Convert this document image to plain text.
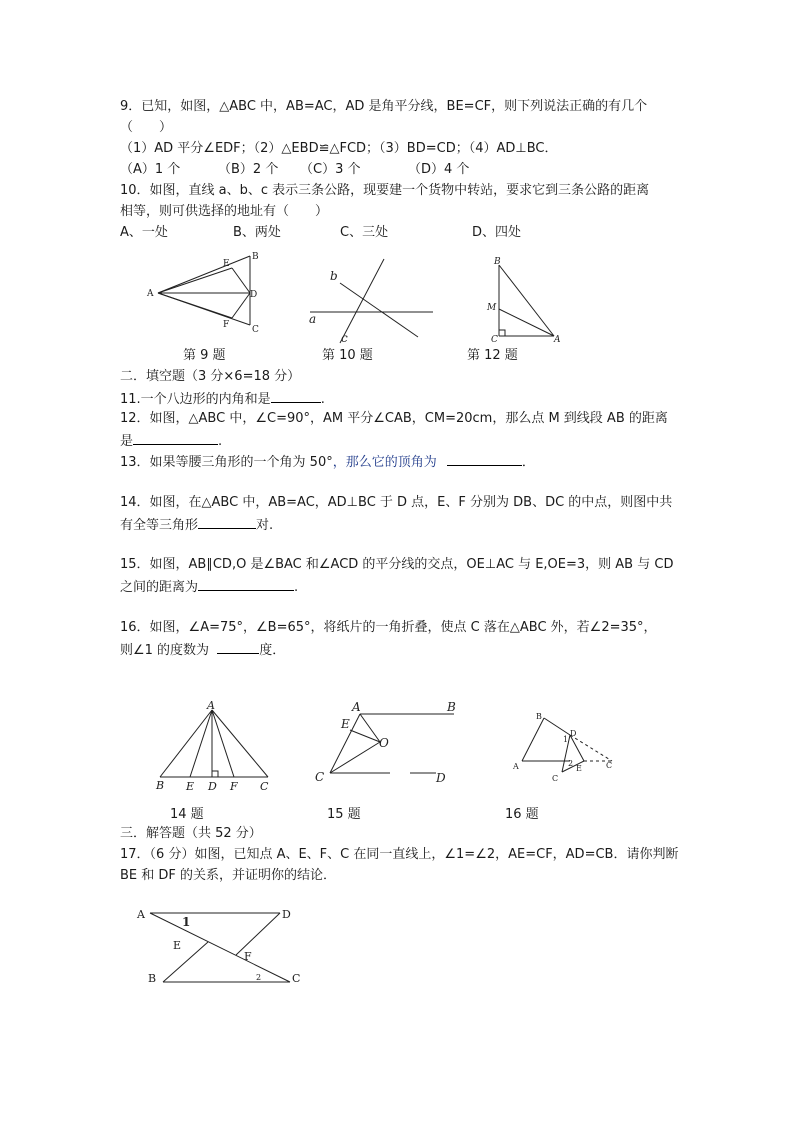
9．已知，如图，△ABC 中，AB=AC，AD 是角平分线，BE=CF，则下列说法正确的有几个
（　　）
（1）AD 平分∠EDF；（2）△EBD≌△FCD；（3）BD=CD；（4）AD⊥BC．
（A）1 个	（B）2 个 （C）3 个	（D）4 个
10．如图，直线 a、b、c 表示三条公路，现要建一个货物中转站，要求它到三条公路的距离
相等，则可供选择的地址有（　　）
A、一处	B、两处	C、三处	D、四处
B
E
A	D
F	C
b
a
c
B
M
C	A
A
B E D F C
A	B
E
O
C	D
B
D
1
A	2
E
C
C
A
1
D
E
F
B	2	C
第 9 题	第 10 题	第 12 题
二．填空题（3 分×6=18 分）
11.一个八边形的内角和是	.
12．如图，△ABC 中，∠C=90°，AM 平分∠CAB，CM=20cm，那么点 M 到线段 AB 的距离
是	.
13．如果等腰三角形的一个角为 50°，那么它的顶角为	．
14．如图，在△ABC 中，AB=AC，AD⊥BC 于 D 点，E、F 分别为 DB、DC 的中点，则图中共
有全等三角形	对.
15．如图，AB∥CD,O 是∠BAC 和∠ACD 的平分线的交点，OE⊥AC 与 E,OE=3，则 AB 与 CD
之间的距离为	.
16．如图，∠A=75°，∠B=65°，将纸片的一角折叠，使点 C 落在△ABC 外，若∠2=35°，
则∠1 的度数为	度．
14 题	15 题	16 题
三．解答题（共 52 分）
17．（6 分）如图，已知点 A、E、F、C 在同一直线上，∠1=∠2，AE=CF，AD=CB．请你判断
BE 和 DF 的关系，并证明你的结论．
